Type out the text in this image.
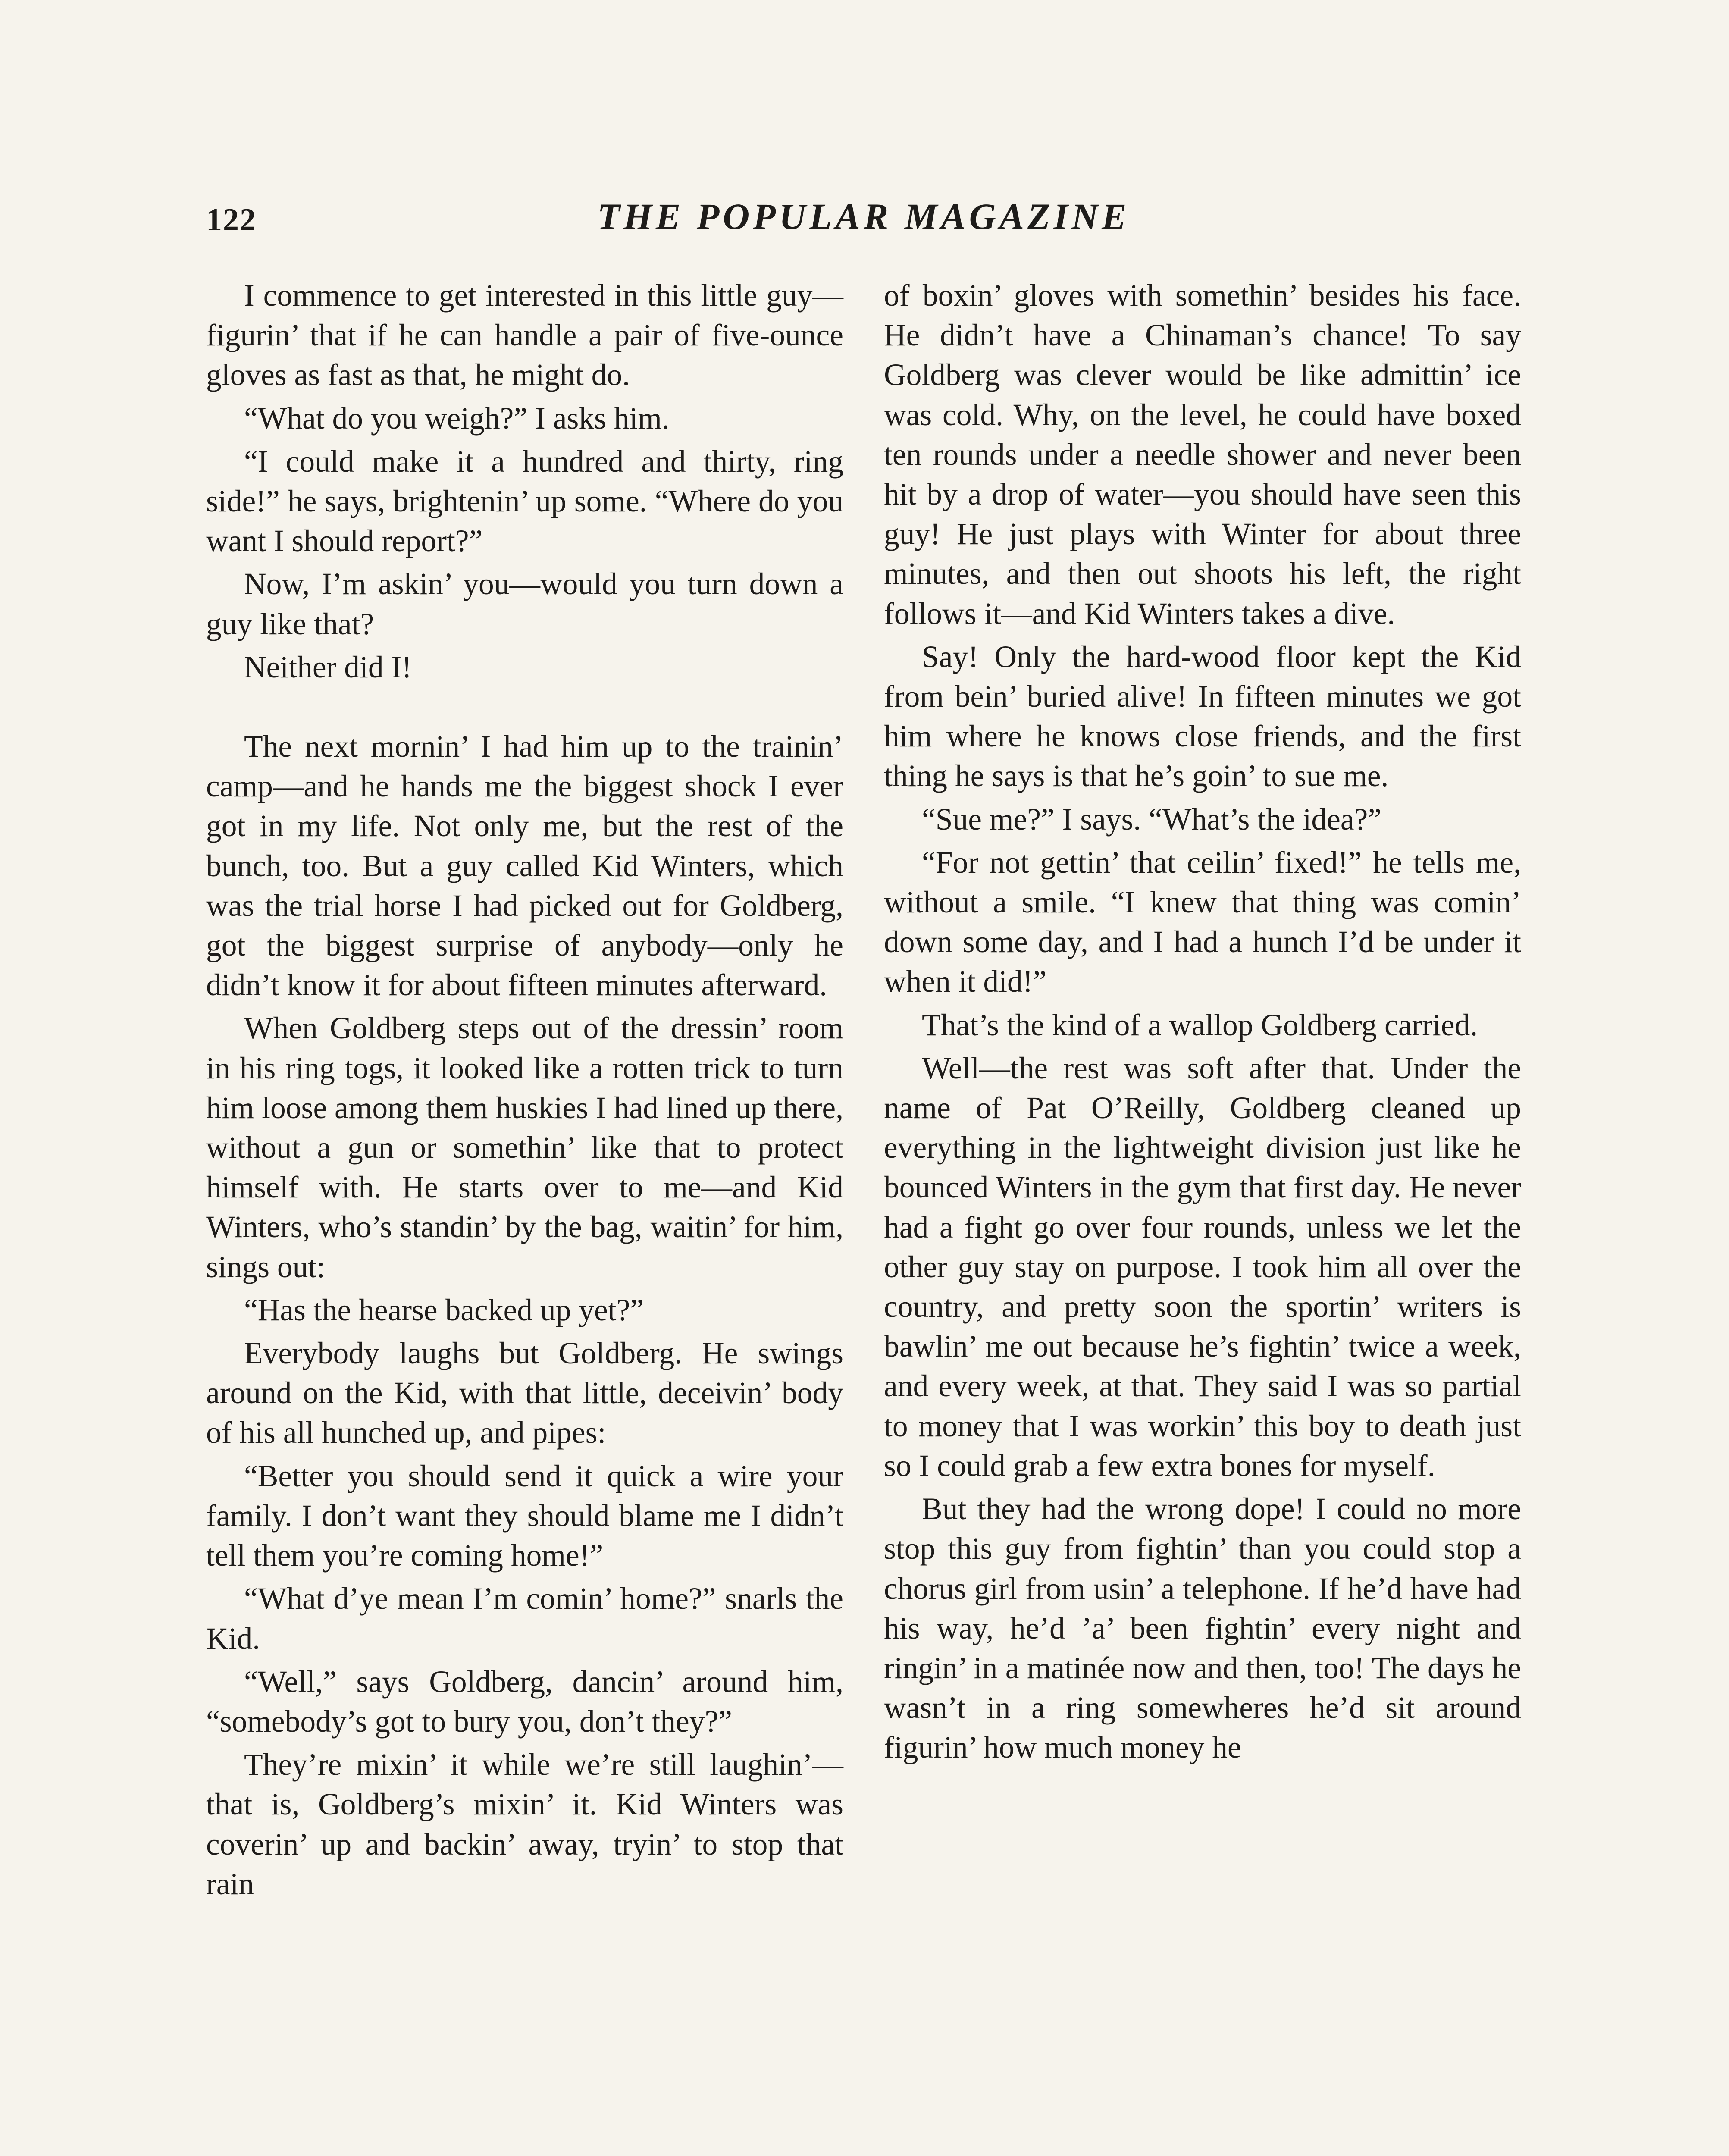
122	THE POPULAR MAGAZINE

I commence to get interested in this little guy—figurin’ that if he can handle a pair of five-ounce gloves as fast as that, he might do.

“What do you weigh?” I asks him.

“I could make it a hundred and thirty, ring side!” he says, brightenin’ up some. “Where do you want I should report?”

Now, I’m askin’ you—would you turn down a guy like that?

Neither did I!

The next mornin’ I had him up to the trainin’ camp—and he hands me the biggest shock I ever got in my life. Not only me, but the rest of the bunch, too. But a guy called Kid Winters, which was the trial horse I had picked out for Goldberg, got the biggest surprise of anybody—only he didn’t know it for about fifteen minutes afterward.

When Goldberg steps out of the dressin’ room in his ring togs, it looked like a rotten trick to turn him loose among them huskies I had lined up there, without a gun or somethin’ like that to protect himself with. He starts over to me—and Kid Winters, who’s standin’ by the bag, waitin’ for him, sings out:

“Has the hearse backed up yet?”

Everybody laughs but Goldberg. He swings around on the Kid, with that little, deceivin’ body of his all hunched up, and pipes:

“Better you should send it quick a wire your family. I don’t want they should blame me I didn’t tell them you’re coming home!”

“What d’ye mean I’m comin’ home?” snarls the Kid.

“Well,” says Goldberg, dancin’ around him, “somebody’s got to bury you, don’t they?”

They’re mixin’ it while we’re still laughin’—that is, Goldberg’s mixin’ it. Kid Winters was coverin’ up and backin’ away, tryin’ to stop that rain

of boxin’ gloves with somethin’ besides his face. He didn’t have a Chinaman’s chance! To say Goldberg was clever would be like admittin’ ice was cold. Why, on the level, he could have boxed ten rounds under a needle shower and never been hit by a drop of water—you should have seen this guy! He just plays with Winter for about three minutes, and then out shoots his left, the right follows it—and Kid Winters takes a dive.

Say! Only the hard-wood floor kept the Kid from bein’ buried alive! In fifteen minutes we got him where he knows close friends, and the first thing he says is that he’s goin’ to sue me.

“Sue me?” I says. “What’s the idea?”

“For not gettin’ that ceilin’ fixed!” he tells me, without a smile. “I knew that thing was comin’ down some day, and I had a hunch I’d be under it when it did!”

That’s the kind of a wallop Goldberg carried.

Well—the rest was soft after that. Under the name of Pat O’Reilly, Goldberg cleaned up everything in the lightweight division just like he bounced Winters in the gym that first day. He never had a fight go over four rounds, unless we let the other guy stay on purpose. I took him all over the country, and pretty soon the sportin’ writers is bawlin’ me out because he’s fightin’ twice a week, and every week, at that. They said I was so partial to money that I was workin’ this boy to death just so I could grab a few extra bones for myself.

But they had the wrong dope! I could no more stop this guy from fightin’ than you could stop a chorus girl from usin’ a telephone. If he’d have had his way, he’d ’a’ been fightin’ every night and ringin’ in a matinée now and then, too! The days he wasn’t in a ring somewheres he’d sit around figurin’ how much money he
